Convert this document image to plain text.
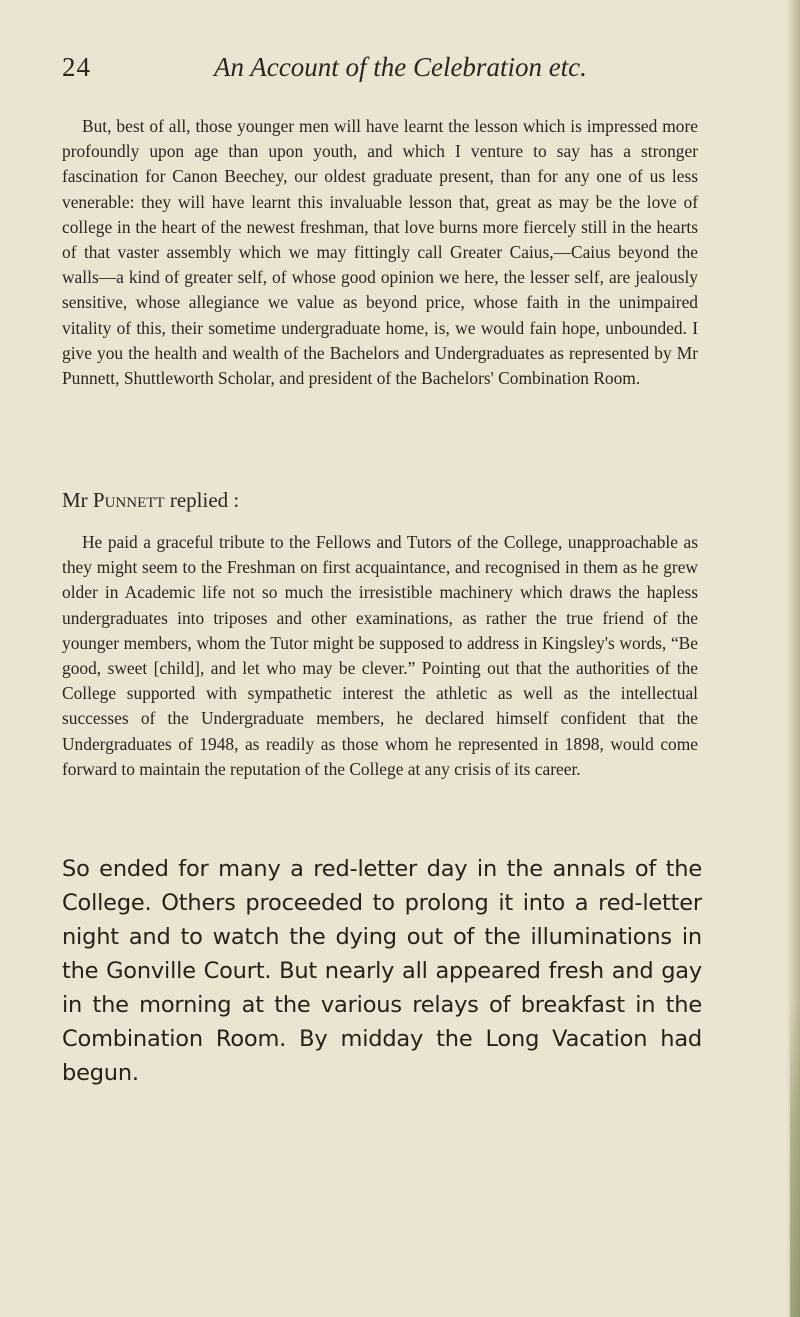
24	An Account of the Celebration etc.

But, best of all, those younger men will have learnt the lesson which is impressed more profoundly upon age than upon youth, and which I venture to say has a stronger fascination for Canon Beechey, our oldest graduate present, than for any one of us less venerable: they will have learnt this invaluable lesson that, great as may be the love of college in the heart of the newest freshman, that love burns more fiercely still in the hearts of that vaster assembly which we may fittingly call Greater Caius,—Caius beyond the walls—a kind of greater self, of whose good opinion we here, the lesser self, are jealously sensitive, whose allegiance we value as beyond price, whose faith in the unimpaired vitality of this, their sometime undergraduate home, is, we would fain hope, unbounded. I give you the health and wealth of the Bachelors and Undergraduates as represented by Mr Punnett, Shuttleworth Scholar, and president of the Bachelors' Combination Room.

Mr Punnett replied :

He paid a graceful tribute to the Fellows and Tutors of the College, unapproachable as they might seem to the Freshman on first acquaintance, and recognised in them as he grew older in Academic life not so much the irresistible machinery which draws the hapless undergraduates into triposes and other examinations, as rather the true friend of the younger members, whom the Tutor might be supposed to address in Kingsley's words, “Be good, sweet [child], and let who may be clever.” Pointing out that the authorities of the College supported with sympathetic interest the athletic as well as the intellectual successes of the Undergraduate members, he declared himself confident that the Undergraduates of 1948, as readily as those whom he represented in 1898, would come forward to maintain the reputation of the College at any crisis of its career.

So ended for many a red-letter day in the annals of the College. Others proceeded to prolong it into a red-letter night and to watch the dying out of the illuminations in the Gonville Court. But nearly all appeared fresh and gay in the morning at the various relays of breakfast in the Combination Room. By midday the Long Vacation had begun.
